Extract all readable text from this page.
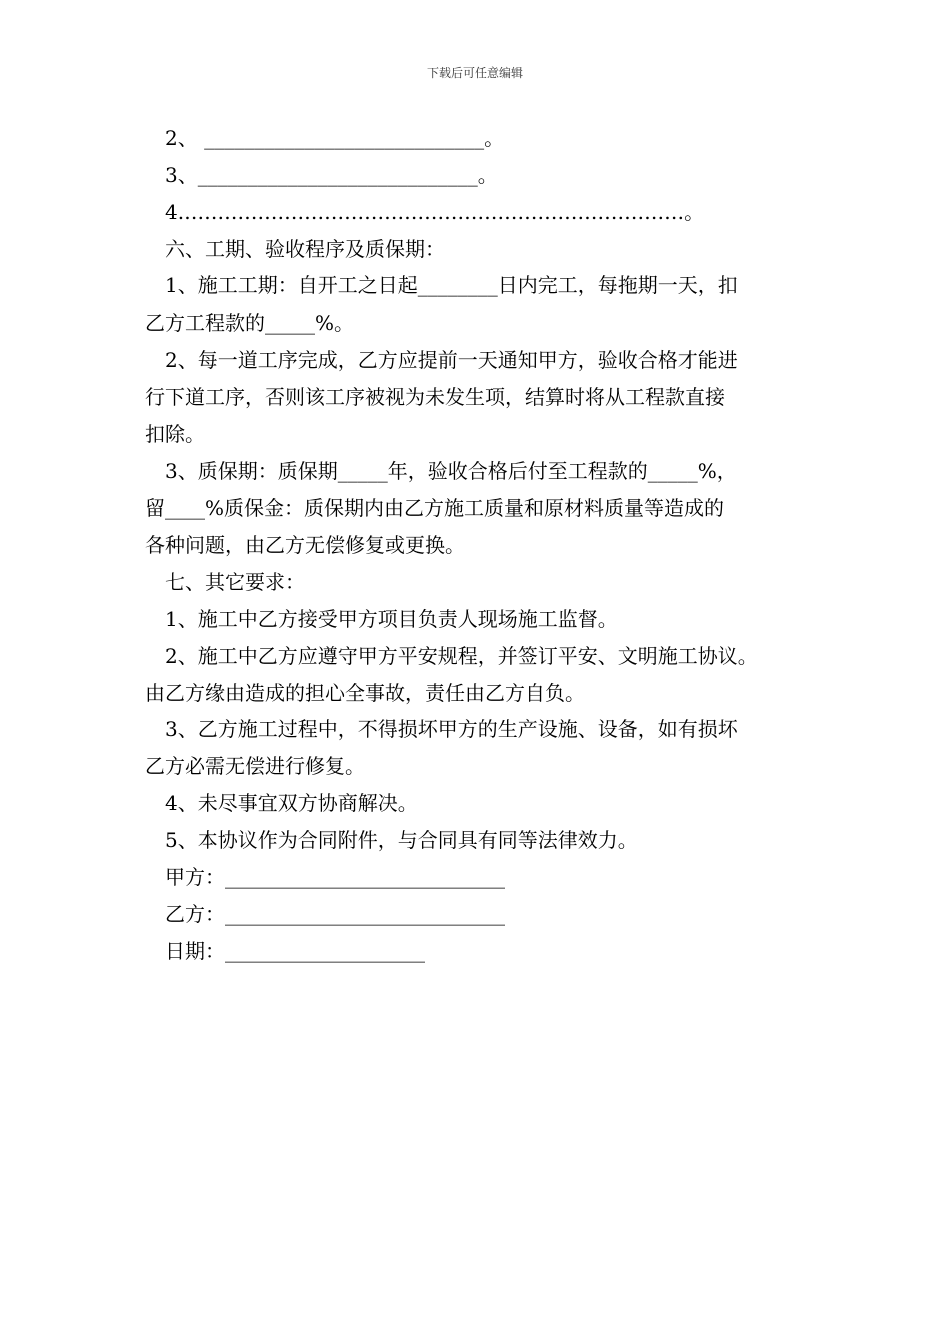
下载后可任意编辑
2、 ____________________________。
3、____________________________。
4.…………………………………………………………………。
六、工期、验收程序及质保期：
1、施工工期：自开工之日起________日内完工，每拖期一天，扣
乙方工程款的_____%。
2、每一道工序完成，乙方应提前一天通知甲方，验收合格才能进
行下道工序，否则该工序被视为未发生项，结算时将从工程款直接
扣除。
3、质保期：质保期_____年，验收合格后付至工程款的_____%，
留____%质保金：质保期内由乙方施工质量和原材料质量等造成的
各种问题，由乙方无偿修复或更换。
七、其它要求：
1、施工中乙方接受甲方项目负责人现场施工监督。
2、施工中乙方应遵守甲方平安规程，并签订平安、文明施工协议。
由乙方缘由造成的担心全事故，责任由乙方自负。
3、乙方施工过程中，不得损坏甲方的生产设施、设备，如有损坏
乙方必需无偿进行修复。
4、未尽事宜双方协商解决。
5、本协议作为合同附件，与合同具有同等法律效力。
甲方：____________________________
乙方：____________________________
日期：____________________
